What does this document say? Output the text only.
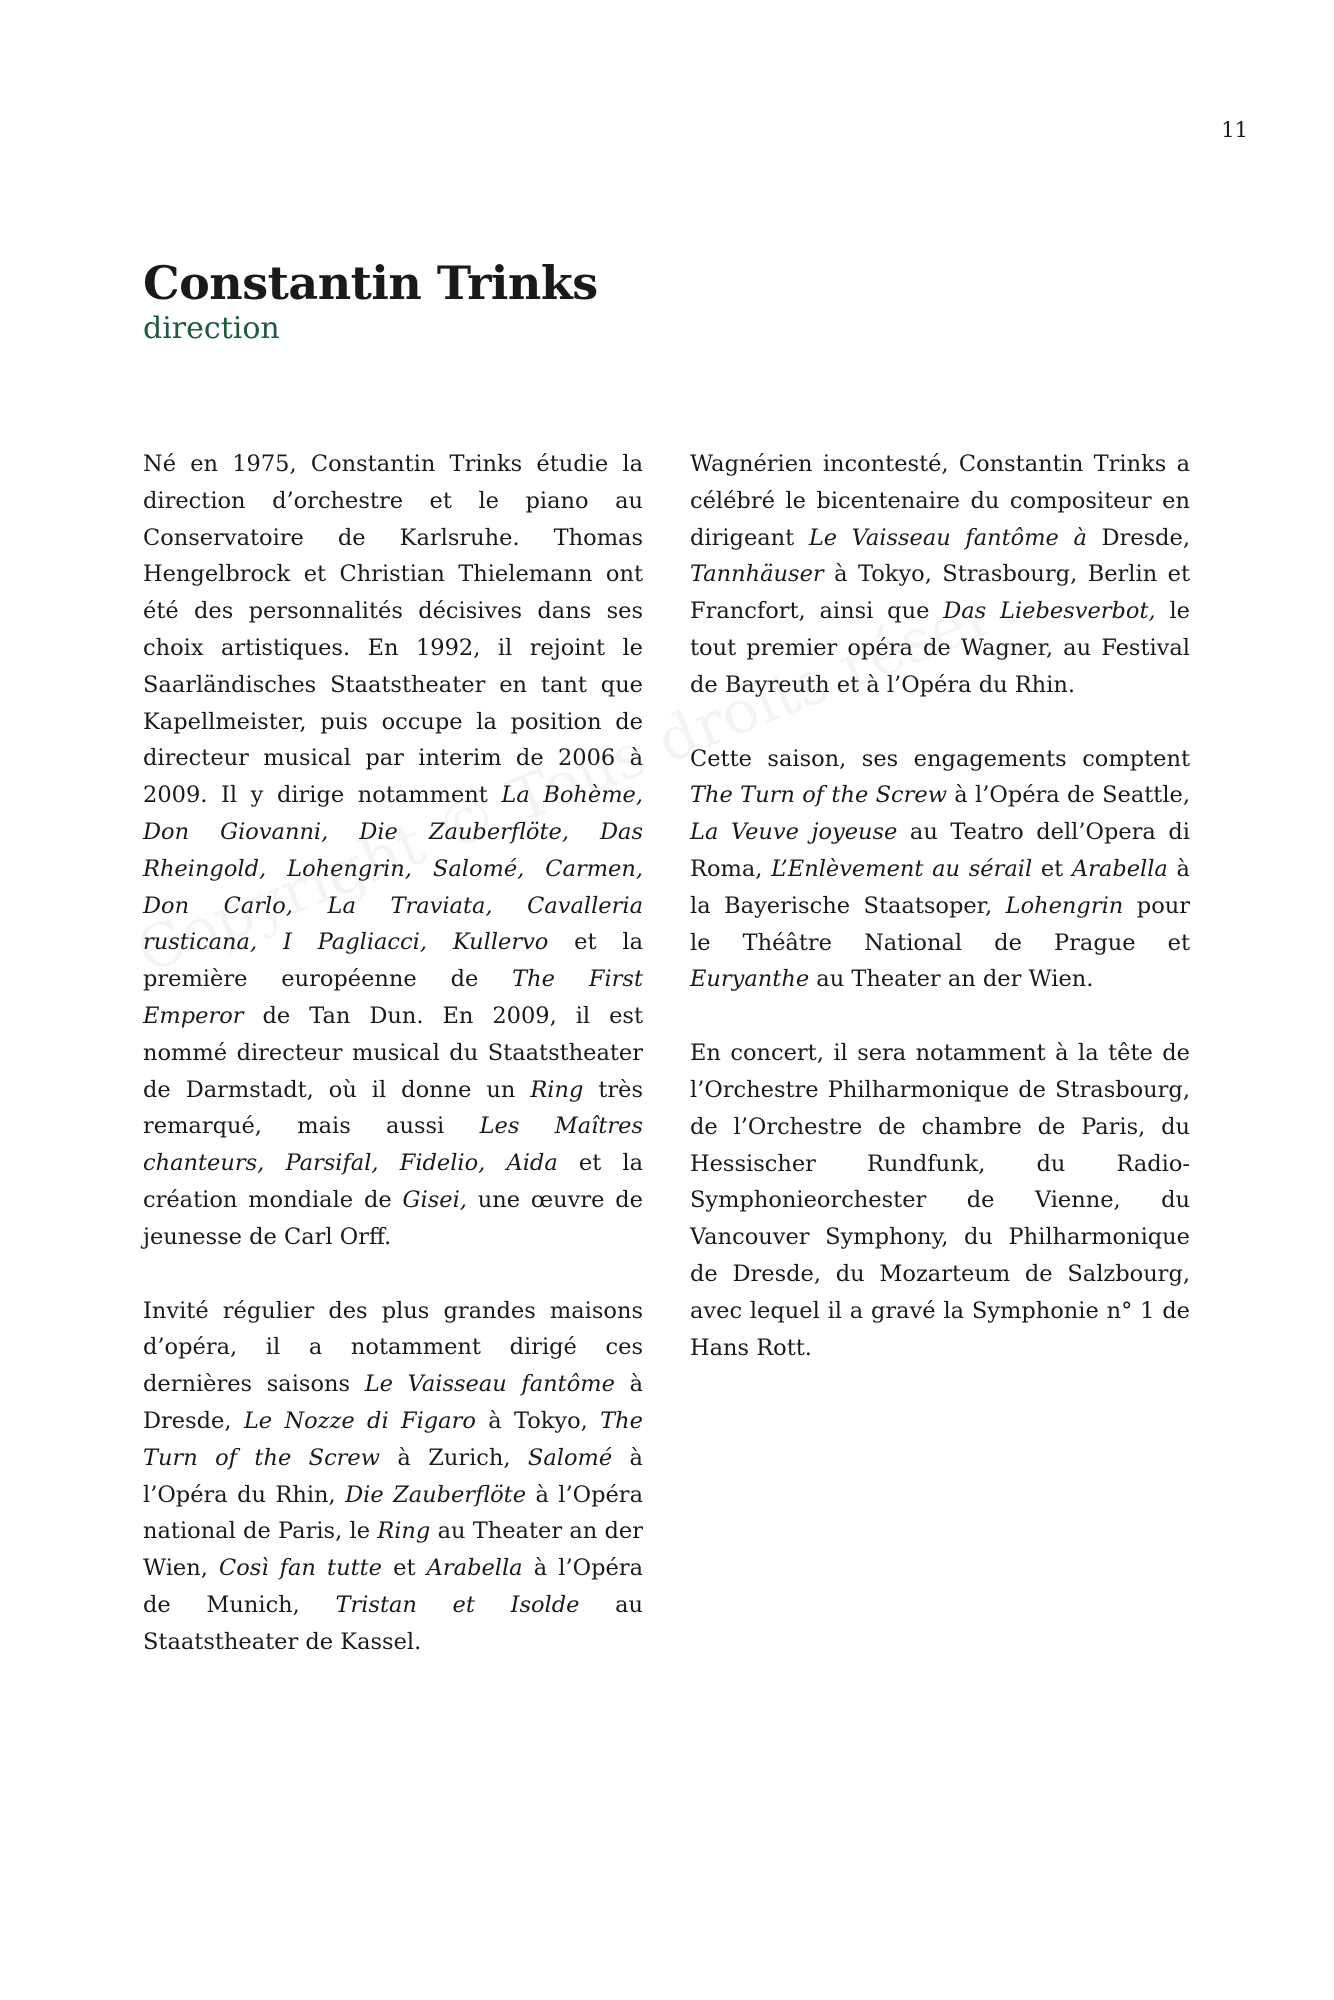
11
Constantin Trinks

direction

Né en 1975, Constantin Trinks étudie la direction d’orchestre et le piano au Conservatoire de Karlsruhe. Thomas Hengelbrock et Christian Thielemann ont été des personnalités décisives dans ses choix artistiques. En 1992, il rejoint le Saarländisches Staatstheater en tant que Kapellmeister, puis occupe la position de directeur musical par interim de 2006 à 2009. Il y dirige notamment La Bohème, Don Giovanni, Die Zauberflöte, Das Rheingold, Lohengrin, Salomé, Carmen, Don Carlo, La Traviata, Cavalleria rusticana, I Pagliacci, Kullervo et la première européenne de The First Emperor de Tan Dun. En 2009, il est nommé directeur musical du Staatstheater de Darmstadt, où il donne un Ring très remarqué, mais aussi Les Maîtres chanteurs, Parsifal, Fidelio, Aida et la création mondiale de Gisei, une œuvre de jeunesse de Carl Orff.

Invité régulier des plus grandes maisons d’opéra, il a notamment dirigé ces dernières saisons Le Vaisseau fantôme à Dresde, Le Nozze di Figaro à Tokyo, The Turn of the Screw à Zurich, Salomé à l’Opéra du Rhin, Die Zauberflöte à l’Opéra national de Paris, le Ring au Theater an der Wien, Così fan tutte et Arabella à l’Opéra de Munich, Tristan et Isolde au Staatstheater de Kassel.

Wagnérien incontesté, Constantin Trinks a célébré le bicentenaire du compositeur en dirigeant Le Vaisseau fantôme à Dresde, Tannhäuser à Tokyo, Strasbourg, Berlin et Francfort, ainsi que Das Liebesverbot, le tout premier opéra de Wagner, au Festival de Bayreuth et à l’Opéra du Rhin.

Cette saison, ses engagements comptent The Turn of the Screw à l’Opéra de Seattle, La Veuve joyeuse au Teatro dell’Opera di Roma, L’Enlèvement au sérail et Arabella à la Bayerische Staatsoper, Lohengrin pour le Théâtre National de Prague et Euryanthe au Theater an der Wien.

En concert, il sera notamment à la tête de l’Orchestre Philharmonique de Strasbourg, de l’Orchestre de chambre de Paris, du Hessischer Rundfunk, du Radio-Symphonieorchester de Vienne, du Vancouver Symphony, du Philharmonique de Dresde, du Mozarteum de Salzbourg, avec lequel il a gravé la Symphonie n° 1 de Hans Rott.
